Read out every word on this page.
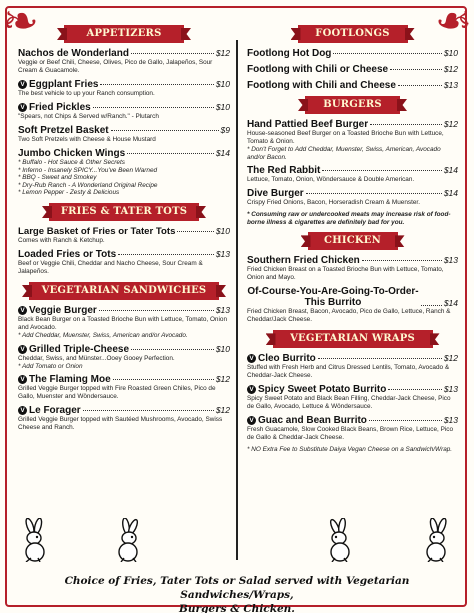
❧	❧
APPETIZERS
Nachos de Wonderland	$12
Veggie or Beef Chili, Cheese, Olives, Pico de Gallo, Jalapeños, Sour Cream & Guacamole.
V Eggplant Fries	$10
The best vehicle to up your Ranch consumption.
V Fried Pickles	$10
"Spears, not Chips & Served w/Ranch." - Plutarch
Soft Pretzel Basket	$9
Two Soft Pretzels with Cheese & House Mustard
Jumbo Chicken Wings	$14
* Buffalo - Hot Sauce & Other Secrets
* Inferno - Insanely SPICY...You've Been Warned
* BBQ - Sweet and Smokey
* Dry-Rub Ranch - A Wonderland Original Recipe
* Lemon Pepper - Zesty & Delicious
FRIES & TATER TOTS
Large Basket of Fries or Tater Tots	$10
Comes with Ranch & Ketchup.
Loaded Fries or Tots	$13
Beef or Veggie Chili, Cheddar and Nacho Cheese, Sour Cream & Jalapeños.
VEGETARIAN SANDWICHES
V Veggie Burger	$13
Black Bean Burger on a Toasted Brioche Bun with Lettuce, Tomato, Onion and Avocado.
* Add Cheddar, Muenster, Swiss, American and/or Avocado.
V Grilled Triple-Cheese	$10
Cheddar, Swiss, and Münster...Ooey Gooey Perfection.
* Add Tomato or Onion
V The Flaming Moe	$12
Grilled Veggie Burger topped with Fire Roasted Green Chiles, Pico de Gallo, Muenster and Wöndersauce.
V Le Forager	$12
Grilled Veggie Burger topped with Sautéed Mushrooms, Avocado, Swiss Cheese and Ranch.
FOOTLONGS
Footlong Hot Dog	$10
Footlong with Chili or Cheese	$12
Footlong with Chili and Cheese	$13
BURGERS
Hand Pattied Beef Burger	$12
House-seasoned Beef Burger on a Toasted Brioche Bun with Lettuce, Tomato & Onion.
* Don't Forget to Add Cheddar, Muenster, Swiss, American, Avocado and/or Bacon.
The Red Rabbit	$14
Lettuce, Tomato, Onion, Wöndersauce & Double American.
Dive Burger	$14
Crispy Fried Onions, Bacon, Horseradish Cream & Muenster.
* Consuming raw or undercooked meats may increase risk of food-borne illness & cigarettes are definitely bad for you.
CHICKEN
Southern Fried Chicken	$13
Fried Chicken Breast on a Toasted Brioche Bun with Lettuce, Tomato, Onion and Mayo.
Of-Course-You-Are-Going-To-Order-This Burrito	$14
Fried Chicken Breast, Bacon, Avocado, Pico de Gallo, Lettuce, Ranch & Cheddar/Jack Cheese.
VEGETARIAN WRAPS
V Cleo Burrito	$12
Stuffed with Fresh Herb and Citrus Dressed Lentils, Tomato, Avocado & Cheddar-Jack Cheese.
V Spicy Sweet Potato Burrito	$13
Spicy Sweet Potato and Black Bean Filling, Cheddar-Jack Cheese, Pico de Gallo, Avocado, Lettuce & Wöndersauce.
V Guac and Bean Burrito	$13
Fresh Guacamole, Slow Cooked Black Beans, Brown Rice, Lettuce, Pico de Gallo & Cheddar-Jack Cheese.
* NO Extra Fee to Substitute Daiya Vegan Cheese on a Sandwich/Wrap.
Choice of Fries, Tater Tots or Salad served with Vegetarian Sandwiches/Wraps,
Burgers & Chicken.
